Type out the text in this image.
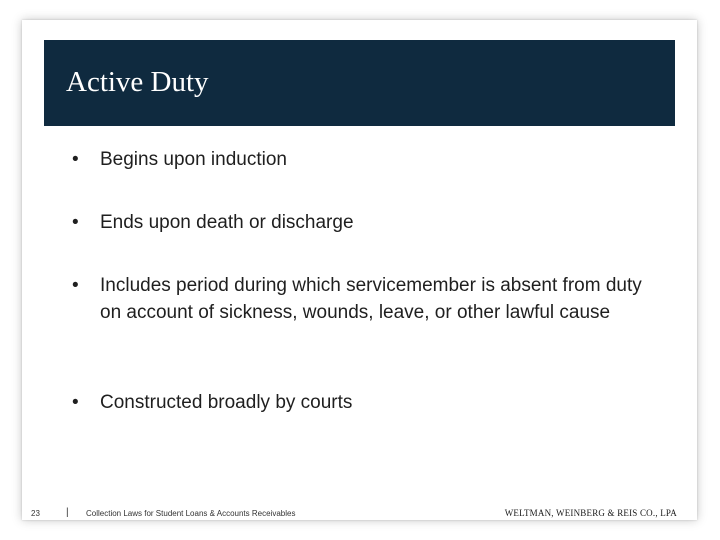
Active Duty
• Begins upon induction
• Ends upon death or discharge
• Includes period during which servicemember is absent from duty on account of sickness, wounds, leave, or other lawful cause
• Constructed broadly by courts
23	| Collection Laws for Student Loans & Accounts Receivables	WELTMAN, WEINBERG & REIS CO., LPA
